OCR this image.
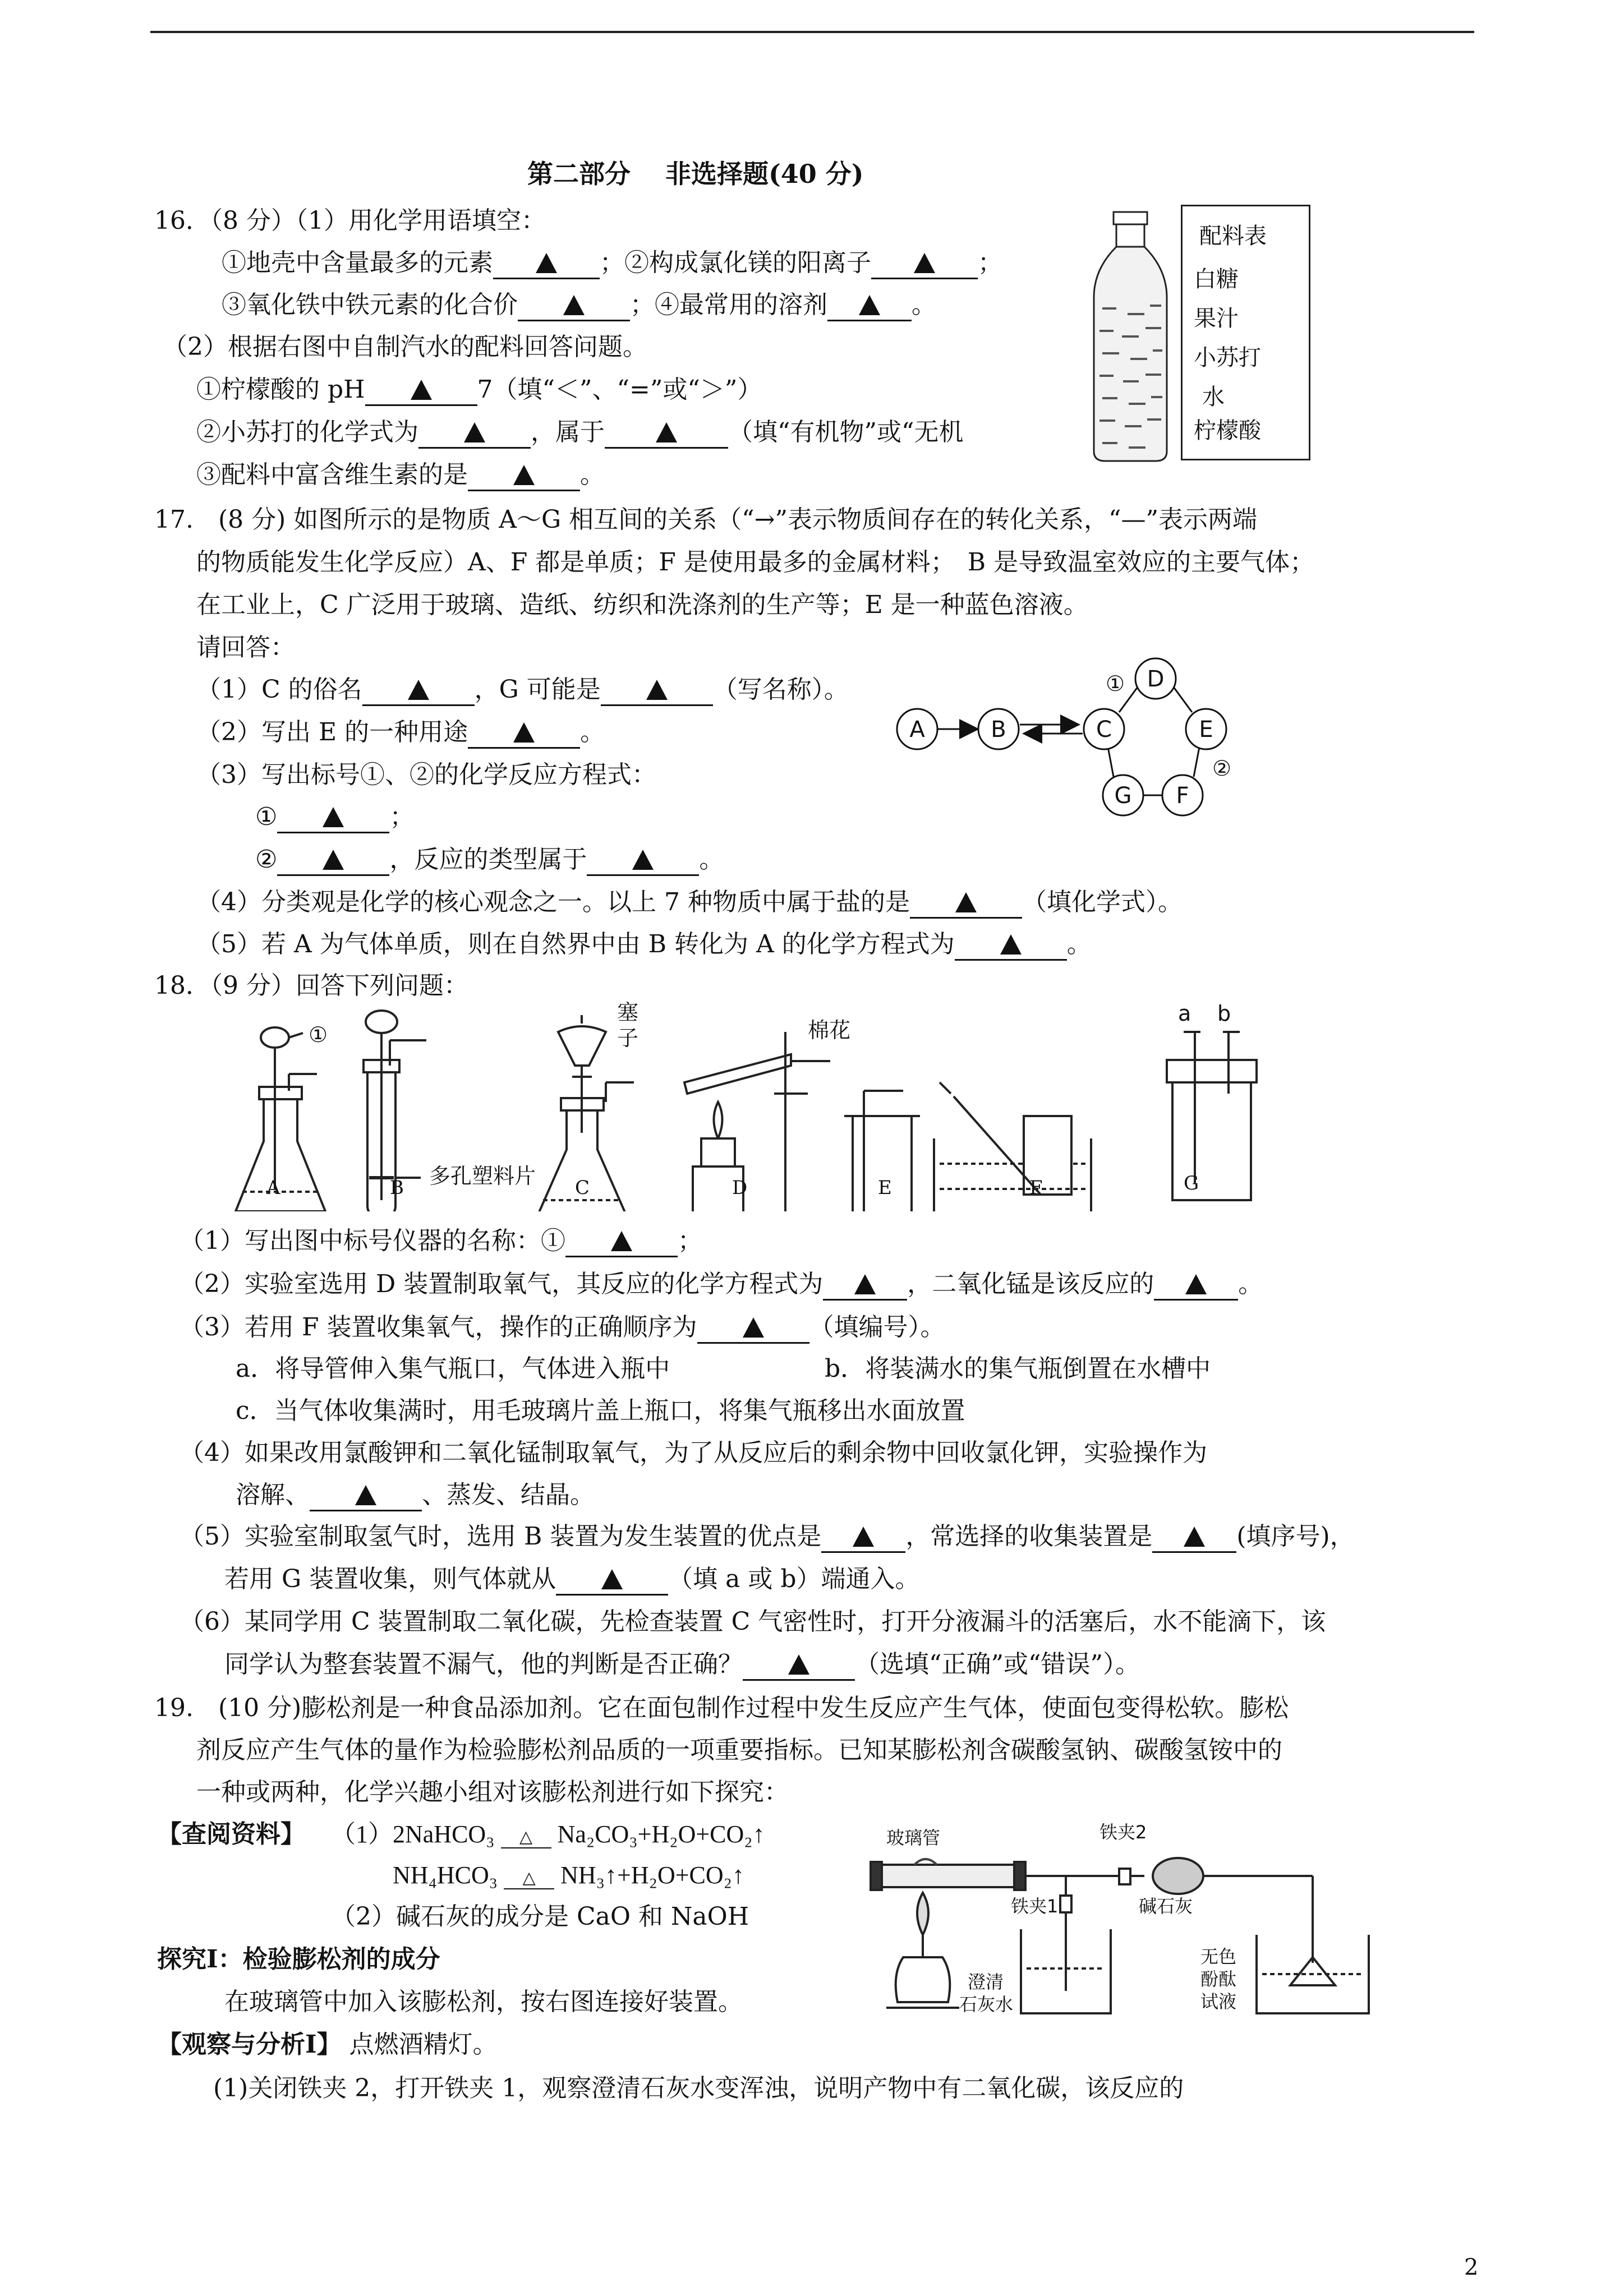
第二部分　 非选择题(40 分)
16．（8 分）（1）用化学用语填空：
①地壳中含量最多的元素	；②构成氯化镁的阳离子	；
③氧化铁中铁元素的化合价	；④最常用的溶剂	。
（2）根据右图中自制汽水的配料回答问题。
①柠檬酸的 pH	7（填“＜”、“=”或“＞”）
②小苏打的化学式为	，属于	（填“有机物”或“无机
③配料中富含维生素的是	。
配料表
白糖
果汁
小苏打
水
柠檬酸
17.　(8 分) 如图所示的是物质 A～G 相互间的关系（“→”表示物质间存在的转化关系，“—”表示两端
的物质能发生化学反应）A、F 都是单质；F 是使用最多的金属材料；　B 是导致温室效应的主要气体；
在工业上，C 广泛用于玻璃、造纸、纺织和洗涤剂的生产等；E 是一种蓝色溶液。
请回答：
（1）C 的俗名	，G 可能是	（写名称）。
（2）写出 E 的一种用途	。
（3）写出标号①、②的化学反应方程式：
①	；
②	，反应的类型属于	。
（4）分类观是化学的核心观念之一。以上 7 种物质中属于盐的是	（填化学式）。
（5）若 A 为气体单质，则在自然界中由 B 转化为 A 的化学方程式为	。
A	B	C
D
E
F
G
①
②
18．（9 分）回答下列问题：
①
多孔塑料片
塞
子	棉花
a b
A	B	C	D	E	F	G
（1）写出图中标号仪器的名称：①	；
（2）实验室选用 D 装置制取氧气，其反应的化学方程式为	，二氧化锰是该反应的	。
（3）若用 F 装置收集氧气，操作的正确顺序为	（填编号）。
a．将导管伸入集气瓶口，气体进入瓶中	b．将装满水的集气瓶倒置在水槽中
c．当气体收集满时，用毛玻璃片盖上瓶口，将集气瓶移出水面放置
（4）如果改用氯酸钾和二氧化锰制取氧气，为了从反应后的剩余物中回收氯化钾，实验操作为
溶解、	、蒸发、结晶。
（5）实验室制取氢气时，选用 B 装置为发生装置的优点是	，常选择的收集装置是	(填序号)，
若用 G 装置收集，则气体就从	（填 a 或 b）端通入。
（6）某同学用 C 装置制取二氧化碳，先检查装置 C 气密性时，打开分液漏斗的活塞后，水不能滴下，该
同学认为整套装置不漏气，他的判断是否正确？	（选填“正确”或“错误”）。
19.　(10 分)膨松剂是一种食品添加剂。它在面包制作过程中发生反应产生气体，使面包变得松软。膨松
剂反应产生气体的量作为检验膨松剂品质的一项重要指标。已知某膨松剂含碳酸氢钠、碳酸氢铵中的
一种或两种，化学兴趣小组对该膨松剂进行如下探究：
【查阅资料】 （1）2NaHCO₃ △ Na₂CO₃+H₂O+CO₂↑
NH₄HCO₃ △ NH₃↑+H₂O+CO₂↑
（2）碱石灰的成分是 CaO 和 NaOH
探究Ⅰ：检验膨松剂的成分
在玻璃管中加入该膨松剂，按右图连接好装置。
【观察与分析Ⅰ】 点燃酒精灯。
(1)关闭铁夹 2，打开铁夹 1，观察澄清石灰水变浑浊，说明产物中有二氧化碳，该反应的
玻璃管	铁夹2
铁夹1	碱石灰
澄清
石灰水
无色
酚酞
试液
2
